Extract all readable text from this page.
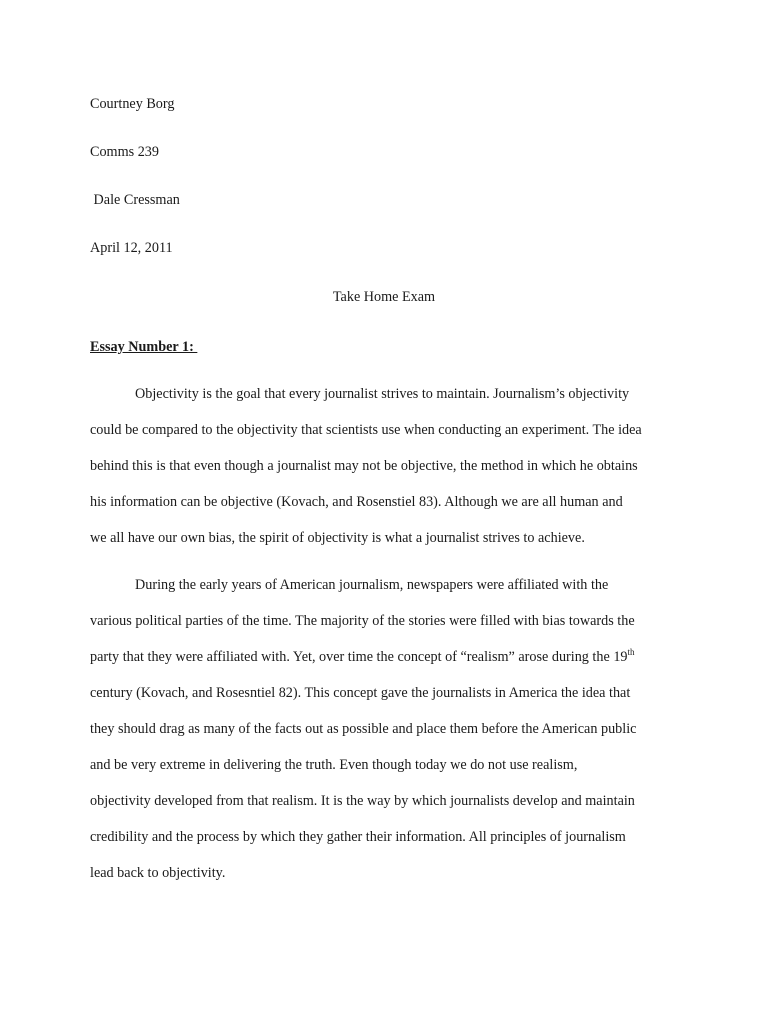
Courtney Borg
Comms 239
Dale Cressman
April 12, 2011
Take Home Exam
Essay Number 1:
Objectivity is the goal that every journalist strives to maintain. Journalism’s objectivity
could be compared to the objectivity that scientists use when conducting an experiment. The idea
behind this is that even though a journalist may not be objective, the method in which he obtains
his information can be objective (Kovach, and Rosenstiel 83). Although we are all human and
we all have our own bias, the spirit of objectivity is what a journalist strives to achieve.
During the early years of American journalism, newspapers were affiliated with the
various political parties of the time. The majority of the stories were filled with bias towards the
party that they were affiliated with. Yet, over time the concept of “realism” arose during the 19th
century (Kovach, and Rosesntiel 82). This concept gave the journalists in America the idea that
they should drag as many of the facts out as possible and place them before the American public
and be very extreme in delivering the truth. Even though today we do not use realism,
objectivity developed from that realism. It is the way by which journalists develop and maintain
credibility and the process by which they gather their information. All principles of journalism
lead back to objectivity.
